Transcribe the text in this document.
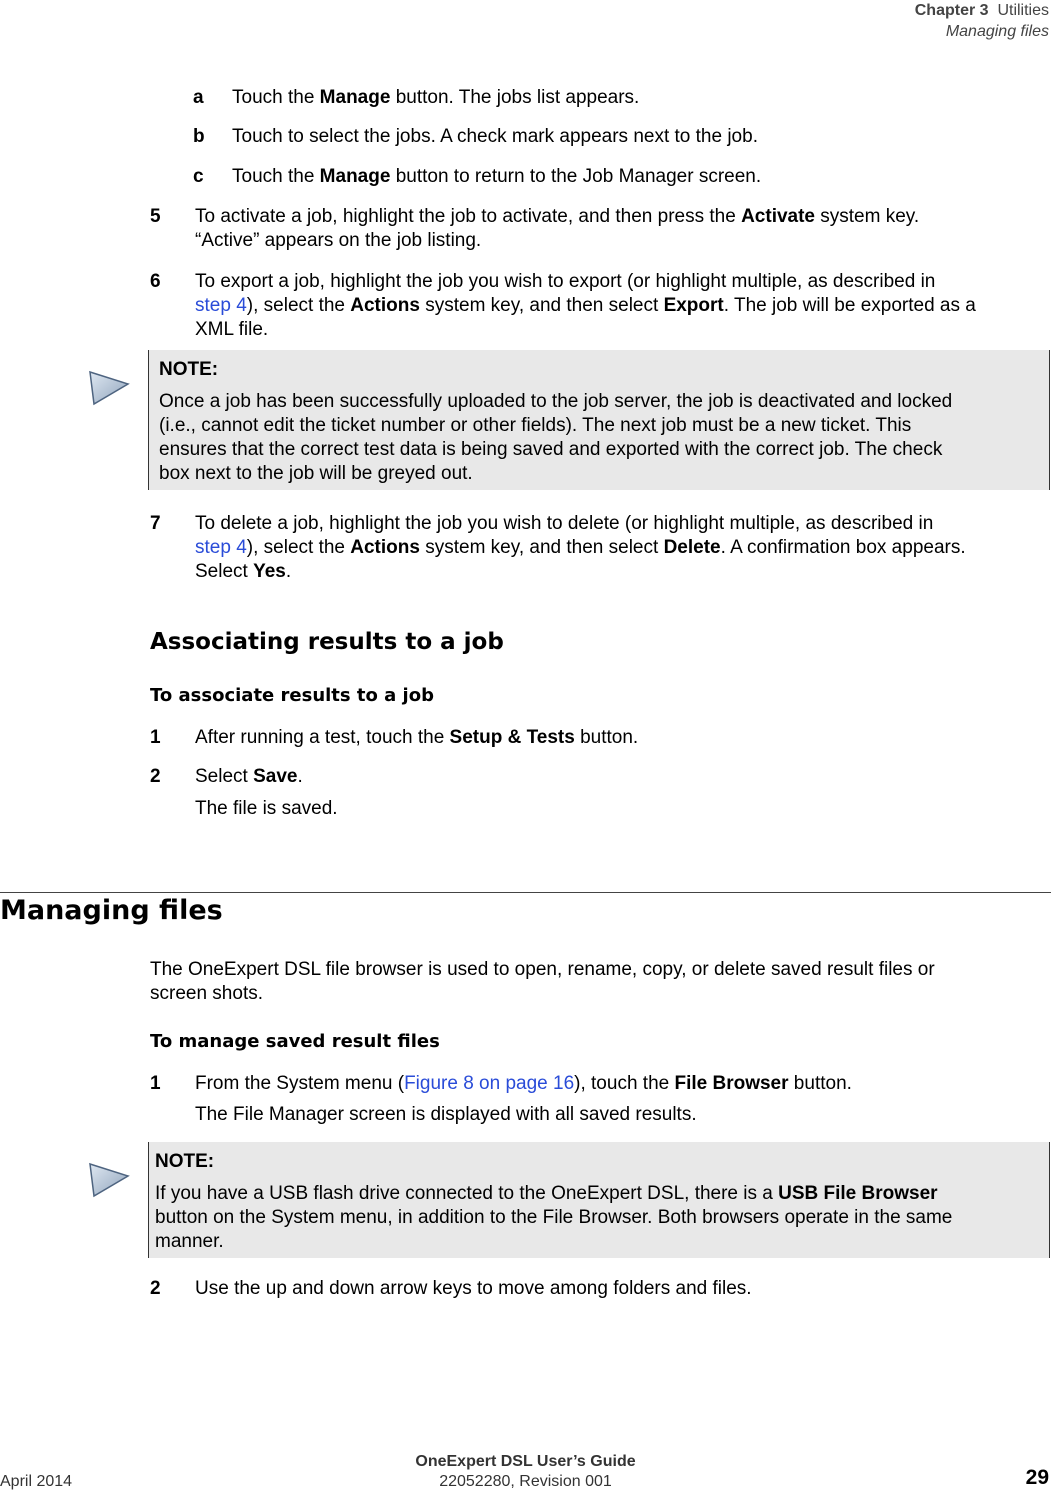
Chapter 3 Utilities
Managing files
a Touch the Manage button. The jobs list appears.
b Touch to select the jobs. A check mark appears next to the job.
c Touch the Manage button to return to the Job Manager screen.
5 To activate a job, highlight the job to activate, and then press the Activate system key.
“Active” appears on the job listing.
6 To export a job, highlight the job you wish to export (or highlight multiple, as described in
step 4), select the Actions system key, and then select Export. The job will be exported as a
XML file.
NOTE:

Once a job has been successfully uploaded to the job server, the job is deactivated and locked
(i.e., cannot edit the ticket number or other fields). The next job must be a new ticket. This
ensures that the correct test data is being saved and exported with the correct job. The check
box next to the job will be greyed out.

7 To delete a job, highlight the job you wish to delete (or highlight multiple, as described in
step 4), select the Actions system key, and then select Delete. A confirmation box appears.
Select Yes.
Associating results to a job
To associate results to a job
1 After running a test, touch the Setup & Tests button.
2 Select Save.
The file is saved.
Managing files
The OneExpert DSL file browser is used to open, rename, copy, or delete saved result files or
screen shots.
To manage saved result files
1 From the System menu (Figure 8 on page 16), touch the File Browser button.
The File Manager screen is displayed with all saved results.
NOTE:

If you have a USB flash drive connected to the OneExpert DSL, there is a USB File Browser
button on the System menu, in addition to the File Browser. Both browsers operate in the same
manner.

2 Use the up and down arrow keys to move among folders and files.
OneExpert DSL User’s Guide
22052280, Revision 001
April 2014	29
